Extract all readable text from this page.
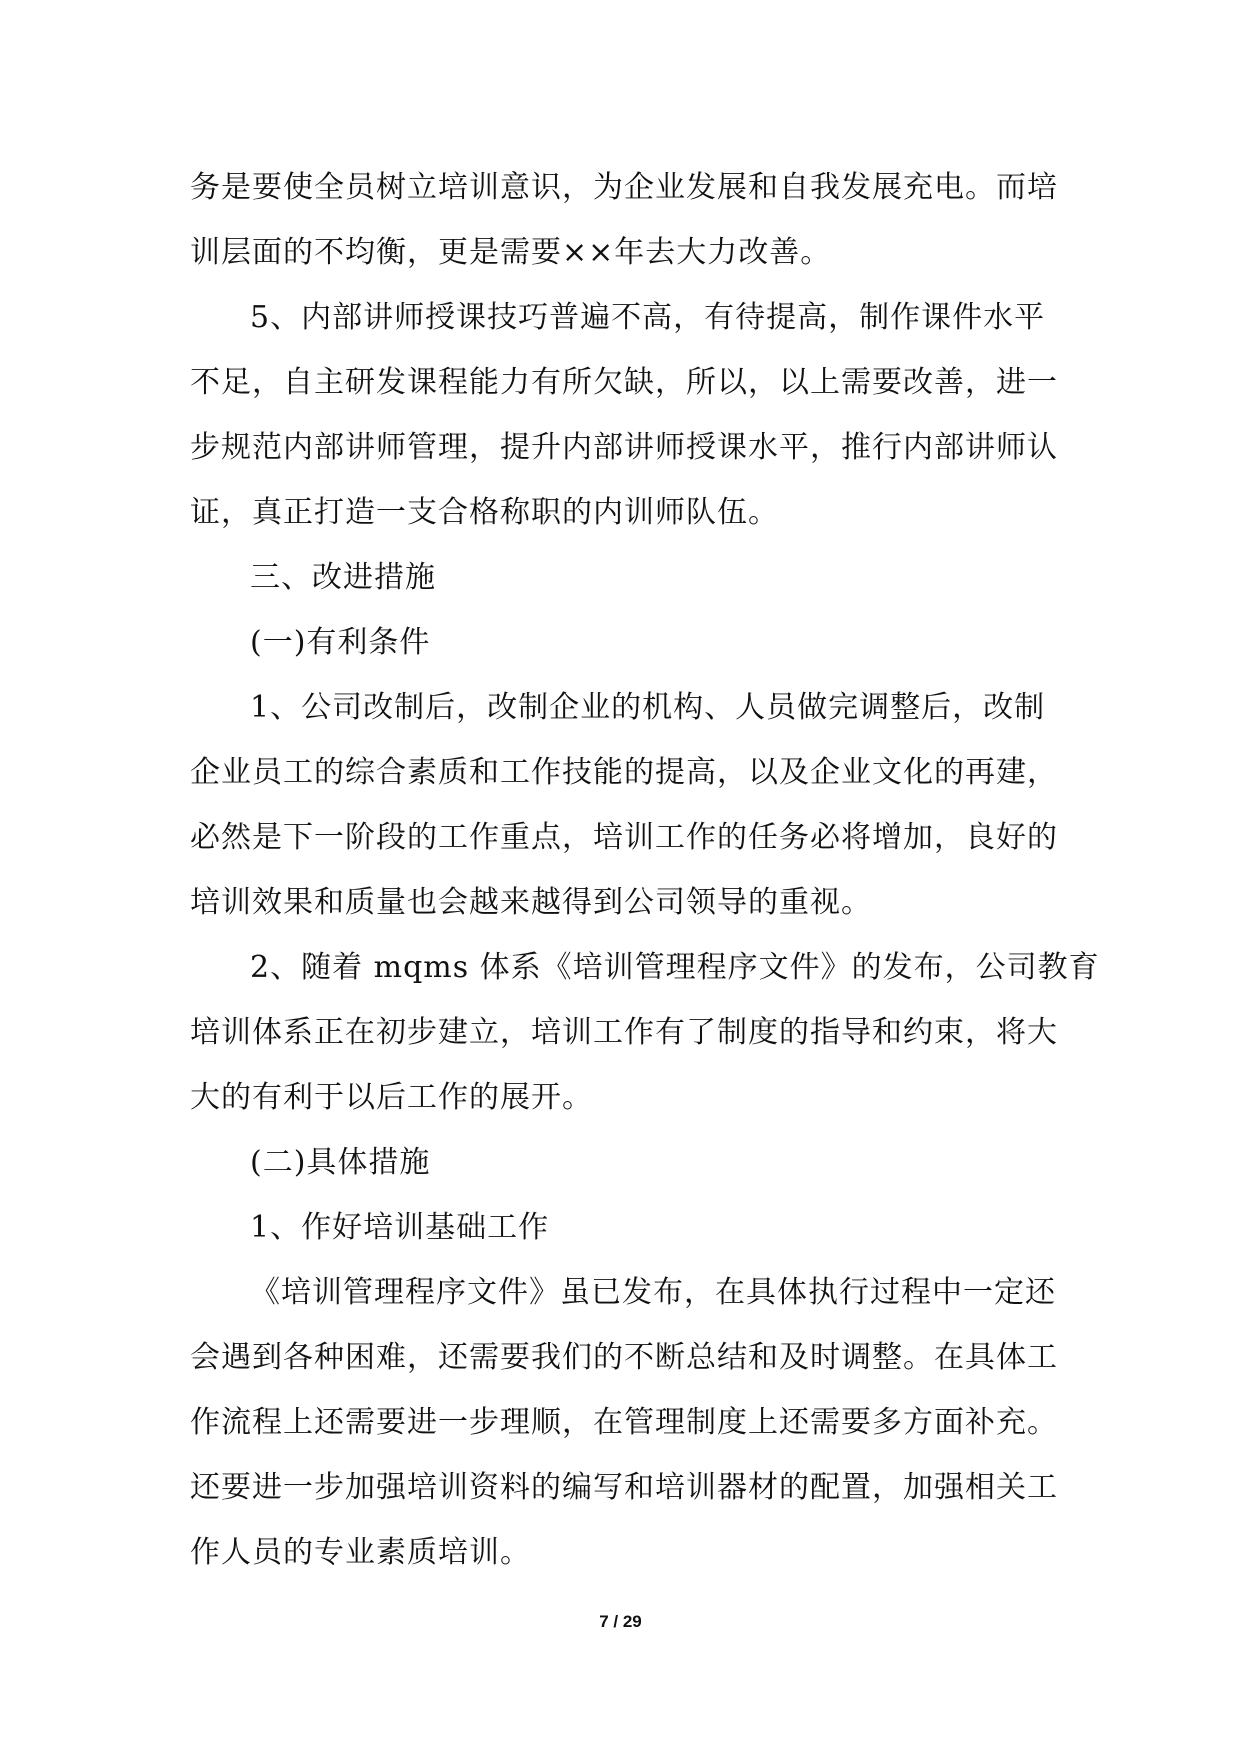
务是要使全员树立培训意识，为企业发展和自我发展充电。而培
训层面的不均衡，更是需要××年去大力改善。
5、内部讲师授课技巧普遍不高，有待提高，制作课件水平
不足，自主研发课程能力有所欠缺，所以，以上需要改善，进一
步规范内部讲师管理，提升内部讲师授课水平，推行内部讲师认
证，真正打造一支合格称职的内训师队伍。
三、改进措施
(一)有利条件
1、公司改制后，改制企业的机构、人员做完调整后，改制
企业员工的综合素质和工作技能的提高，以及企业文化的再建，
必然是下一阶段的工作重点，培训工作的任务必将增加，良好的
培训效果和质量也会越来越得到公司领导的重视。
2、随着 mqms 体系《培训管理程序文件》的发布，公司教育
培训体系正在初步建立，培训工作有了制度的指导和约束，将大
大的有利于以后工作的展开。
(二)具体措施
1、作好培训基础工作
《培训管理程序文件》虽已发布，在具体执行过程中一定还
会遇到各种困难，还需要我们的不断总结和及时调整。在具体工
作流程上还需要进一步理顺，在管理制度上还需要多方面补充。
还要进一步加强培训资料的编写和培训器材的配置，加强相关工
作人员的专业素质培训。
7 / 29
